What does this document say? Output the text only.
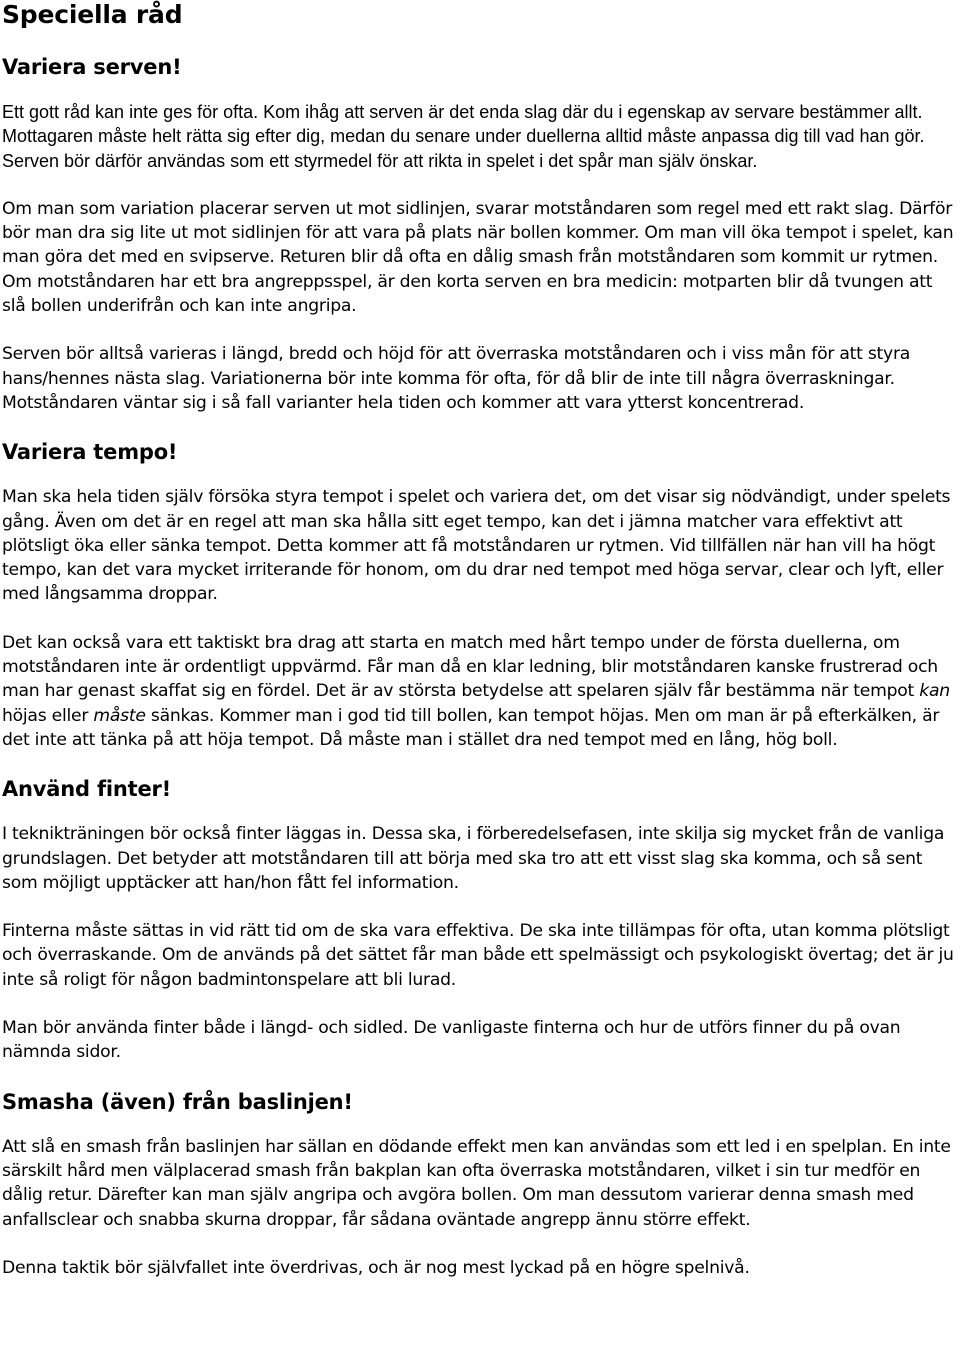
Speciella råd
Variera serven!

Ett gott råd kan inte ges för ofta. Kom ihåg att serven är det enda slag där du i egenskap av servare bestämmer allt. Mottagaren måste helt rätta sig efter dig, medan du senare under duellerna alltid måste anpassa dig till vad han gör. Serven bör därför användas som ett styrmedel för att rikta in spelet i det spår man själv önskar.

Om man som variation placerar serven ut mot sidlinjen, svarar motståndaren som regel med ett rakt slag. Därför bör man dra sig lite ut mot sidlinjen för att vara på plats när bollen kommer. Om man vill öka tempot i spelet, kan man göra det med en svipserve. Returen blir då ofta en dålig smash från motståndaren som kommit ur rytmen. Om motståndaren har ett bra angreppsspel, är den korta serven en bra medicin: motparten blir då tvungen att slå bollen underifrån och kan inte angripa.

Serven bör alltså varieras i längd, bredd och höjd för att överraska motståndaren och i viss mån för att styra hans/hennes nästa slag. Variationerna bör inte komma för ofta, för då blir de inte till några överraskningar. Motståndaren väntar sig i så fall varianter hela tiden och kommer att vara ytterst koncentrerad.

Variera tempo!

Man ska hela tiden själv försöka styra tempot i spelet och variera det, om det visar sig nödvändigt, under spelets gång. Även om det är en regel att man ska hålla sitt eget tempo, kan det i jämna matcher vara effektivt att plötsligt öka eller sänka tempot. Detta kommer att få motståndaren ur rytmen. Vid tillfällen när han vill ha högt tempo, kan det vara mycket irriterande för honom, om du drar ned tempot med höga servar, clear och lyft, eller med långsamma droppar.

Det kan också vara ett taktiskt bra drag att starta en match med hårt tempo under de första duellerna, om motståndaren inte är ordentligt uppvärmd. Får man då en klar ledning, blir motståndaren kanske frustrerad och man har genast skaffat sig en fördel. Det är av största betydelse att spelaren själv får bestämma när tempot kan höjas eller måste sänkas. Kommer man i god tid till bollen, kan tempot höjas. Men om man är på efterkälken, är det inte att tänka på att höja tempot. Då måste man i stället dra ned tempot med en lång, hög boll.

Använd finter!

I teknikträningen bör också finter läggas in. Dessa ska, i förberedelsefasen, inte skilja sig mycket från de vanliga grundslagen. Det betyder att motståndaren till att börja med ska tro att ett visst slag ska komma, och så sent som möjligt upptäcker att han/hon fått fel information.

Finterna måste sättas in vid rätt tid om de ska vara effektiva. De ska inte tillämpas för ofta, utan komma plötsligt och överraskande. Om de används på det sättet får man både ett spelmässigt och psykologiskt övertag; det är ju inte så roligt för någon badmintonspelare att bli lurad.

Man bör använda finter både i längd- och sidled. De vanligaste finterna och hur de utförs finner du på ovan nämnda sidor.

Smasha (även) från baslinjen!

Att slå en smash från baslinjen har sällan en dödande effekt men kan användas som ett led i en spelplan. En inte särskilt hård men välplacerad smash från bakplan kan ofta överraska motståndaren, vilket i sin tur medför en dålig retur. Därefter kan man själv angripa och avgöra bollen. Om man dessutom varierar denna smash med anfallsclear och snabba skurna droppar, får sådana oväntade angrepp ännu större effekt.

Denna taktik bör självfallet inte överdrivas, och är nog mest lyckad på en högre spelnivå.
